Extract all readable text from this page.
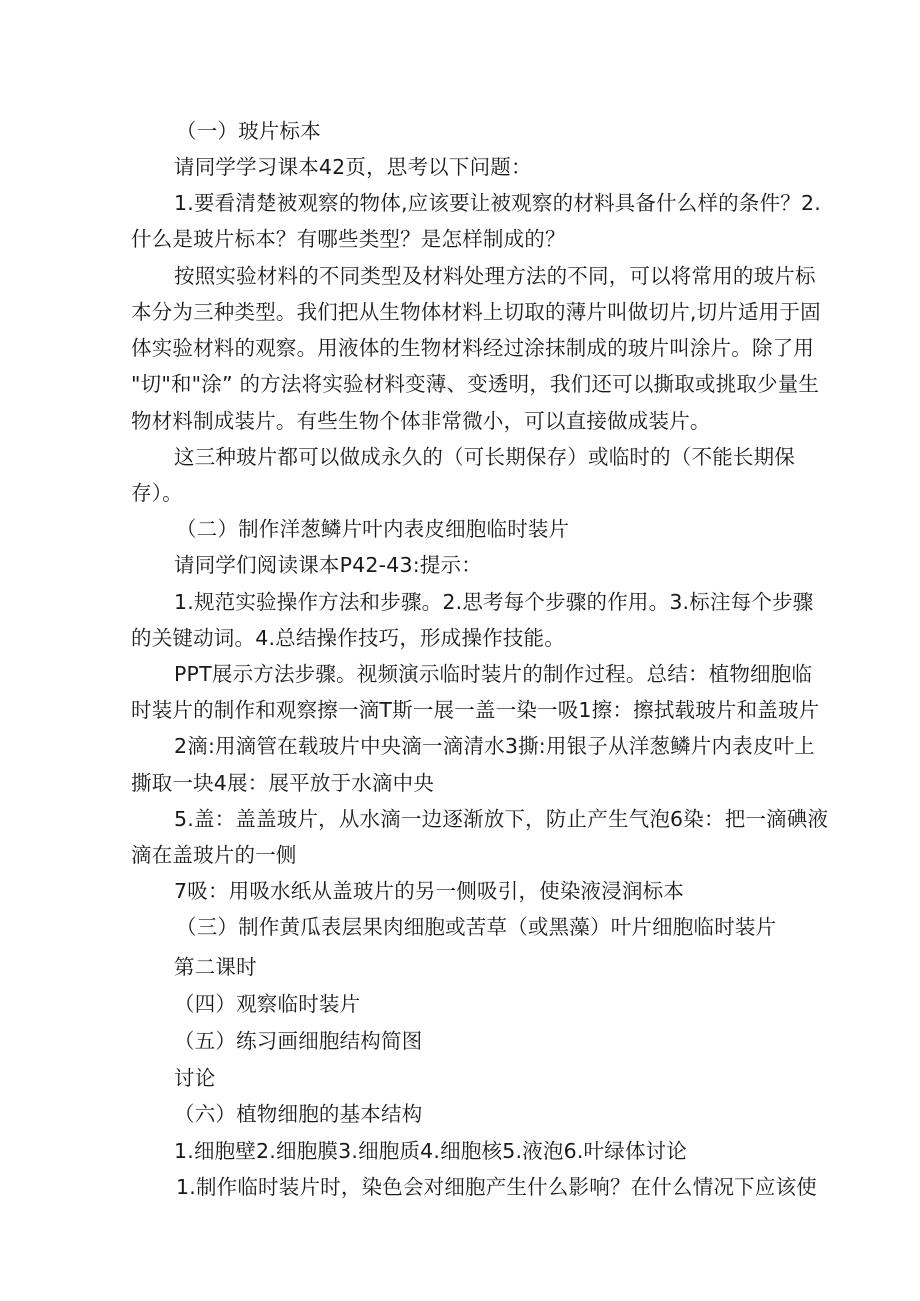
（一）玻片标本

请同学学习课本42页，思考以下问题：

1.要看清楚被观察的物体,应该要让被观察的材料具备什么样的条件？2.

什么是玻片标本？有哪些类型？是怎样制成的？

按照实验材料的不同类型及材料处理方法的不同，可以将常用的玻片标

本分为三种类型。我们把从生物体材料上切取的薄片叫做切片,切片适用于固

体实验材料的观察。用液体的生物材料经过涂抹制成的玻片叫涂片。除了用

"切"和"涂” 的方法将实验材料变薄、变透明，我们还可以撕取或挑取少量生

物材料制成装片。有些生物个体非常微小，可以直接做成装片。

这三种玻片都可以做成永久的（可长期保存）或临时的（不能长期保

存）。

（二）制作洋葱鳞片叶内表皮细胞临时装片

请同学们阅读课本P42-43:提示：

1.规范实验操作方法和步骤。2.思考每个步骤的作用。3.标注每个步骤

的关键动词。4.总结操作技巧，形成操作技能。

PPT展示方法步骤。视频演示临时装片的制作过程。总结：植物细胞临

时装片的制作和观察擦一滴T斯一展一盖一染一吸1擦：擦拭载玻片和盖玻片

2滴:用滴管在载玻片中央滴一滴清水3撕:用银子从洋葱鳞片内表皮叶上

撕取一块4展：展平放于水滴中央

5.盖：盖盖玻片，从水滴一边逐渐放下，防止产生气泡6染：把一滴碘液

滴在盖玻片的一侧

7吸：用吸水纸从盖玻片的另一侧吸引，使染液浸润标本

（三）制作黄瓜表层果肉细胞或苦草（或黑藻）叶片细胞临时装片

第二课时

（四）观察临时装片

（五）练习画细胞结构简图

讨论

（六）植物细胞的基本结构

1.细胞壁2.细胞膜3.细胞质4.细胞核5.液泡6.叶绿体讨论

1.制作临时装片时，染色会对细胞产生什么影响？在什么情况下应该使
